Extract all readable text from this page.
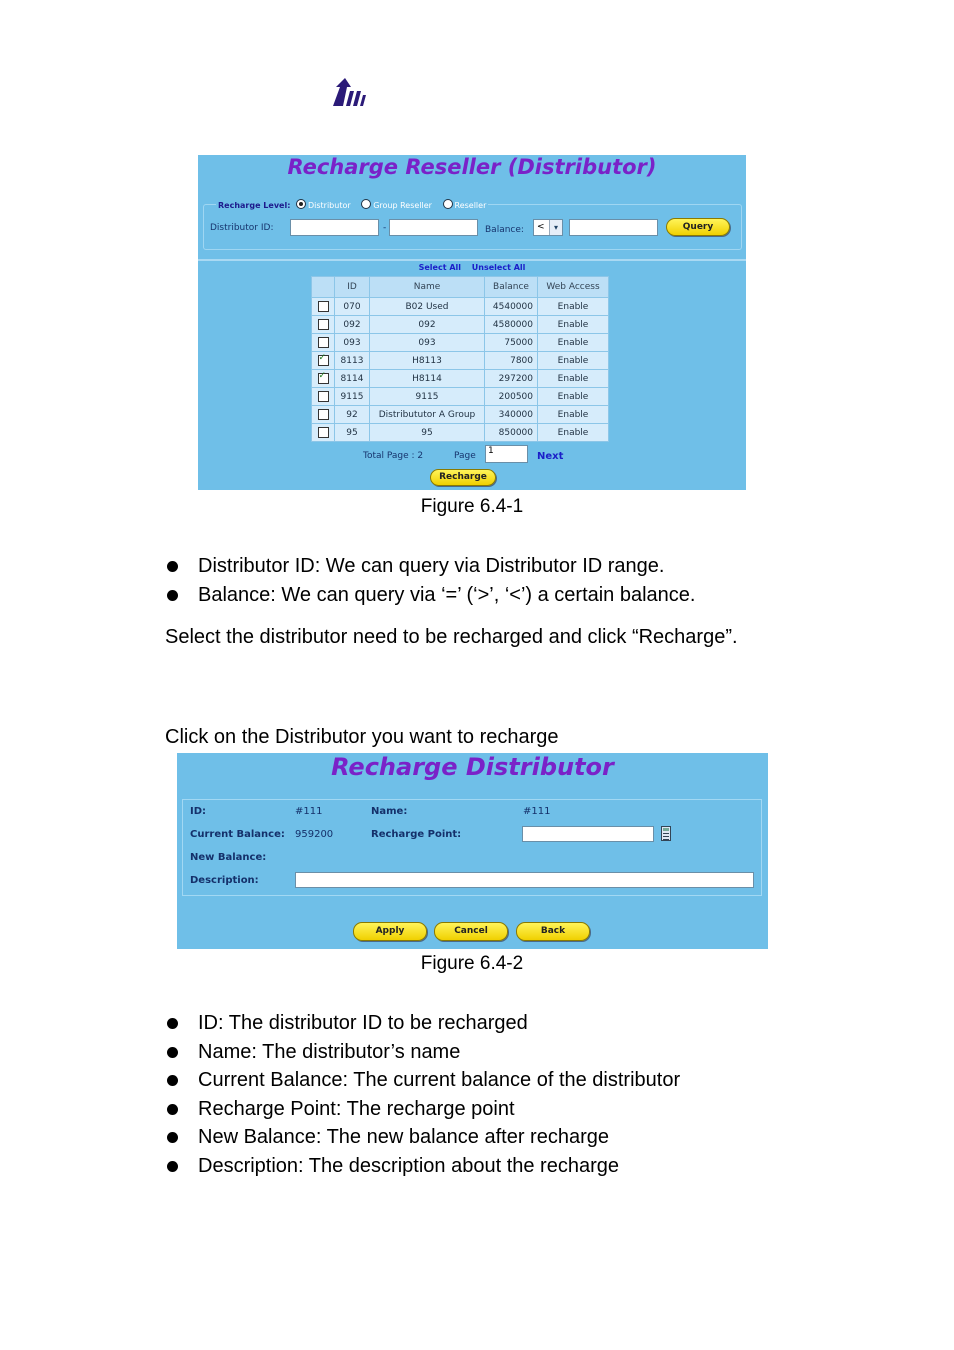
Recharge Reseller (Distributor)
Recharge Level: Distributor	Group Reseller	Reseller
Distributor ID:	-	Balance: <	▾	Query
Select All Unselect All
	ID	Name	Balance	Web Access
	070	B02 Used	4540000	Enable
	092	092	4580000	Enable
	093	093	75000	Enable
✓	8113	H8113	7800	Enable
✓	8114	H8114	297200	Enable
	9115	9115	200500	Enable
	92	Distribututor A Group	340000	Enable
	95	95	850000	Enable
Total Page : 2	Page	1	Next
Recharge
Figure 6.4-1
Distributor ID: We can query via Distributor ID range.
Balance: We can query via ‘=’ (‘>’, ‘<’) a certain balance.
Select the distributor need to be recharged and click “Recharge”.
Click on the Distributor you want to recharge
Recharge Distributor
ID:	#111	Name:	#111
Current Balance: 959200	Recharge Point:
New Balance:
Description:
Apply	Cancel	Back
Figure 6.4-2
ID: The distributor ID to be recharged
Name: The distributor’s name
Current Balance: The current balance of the distributor
Recharge Point: The recharge point
New Balance: The new balance after recharge
Description: The description about the recharge
